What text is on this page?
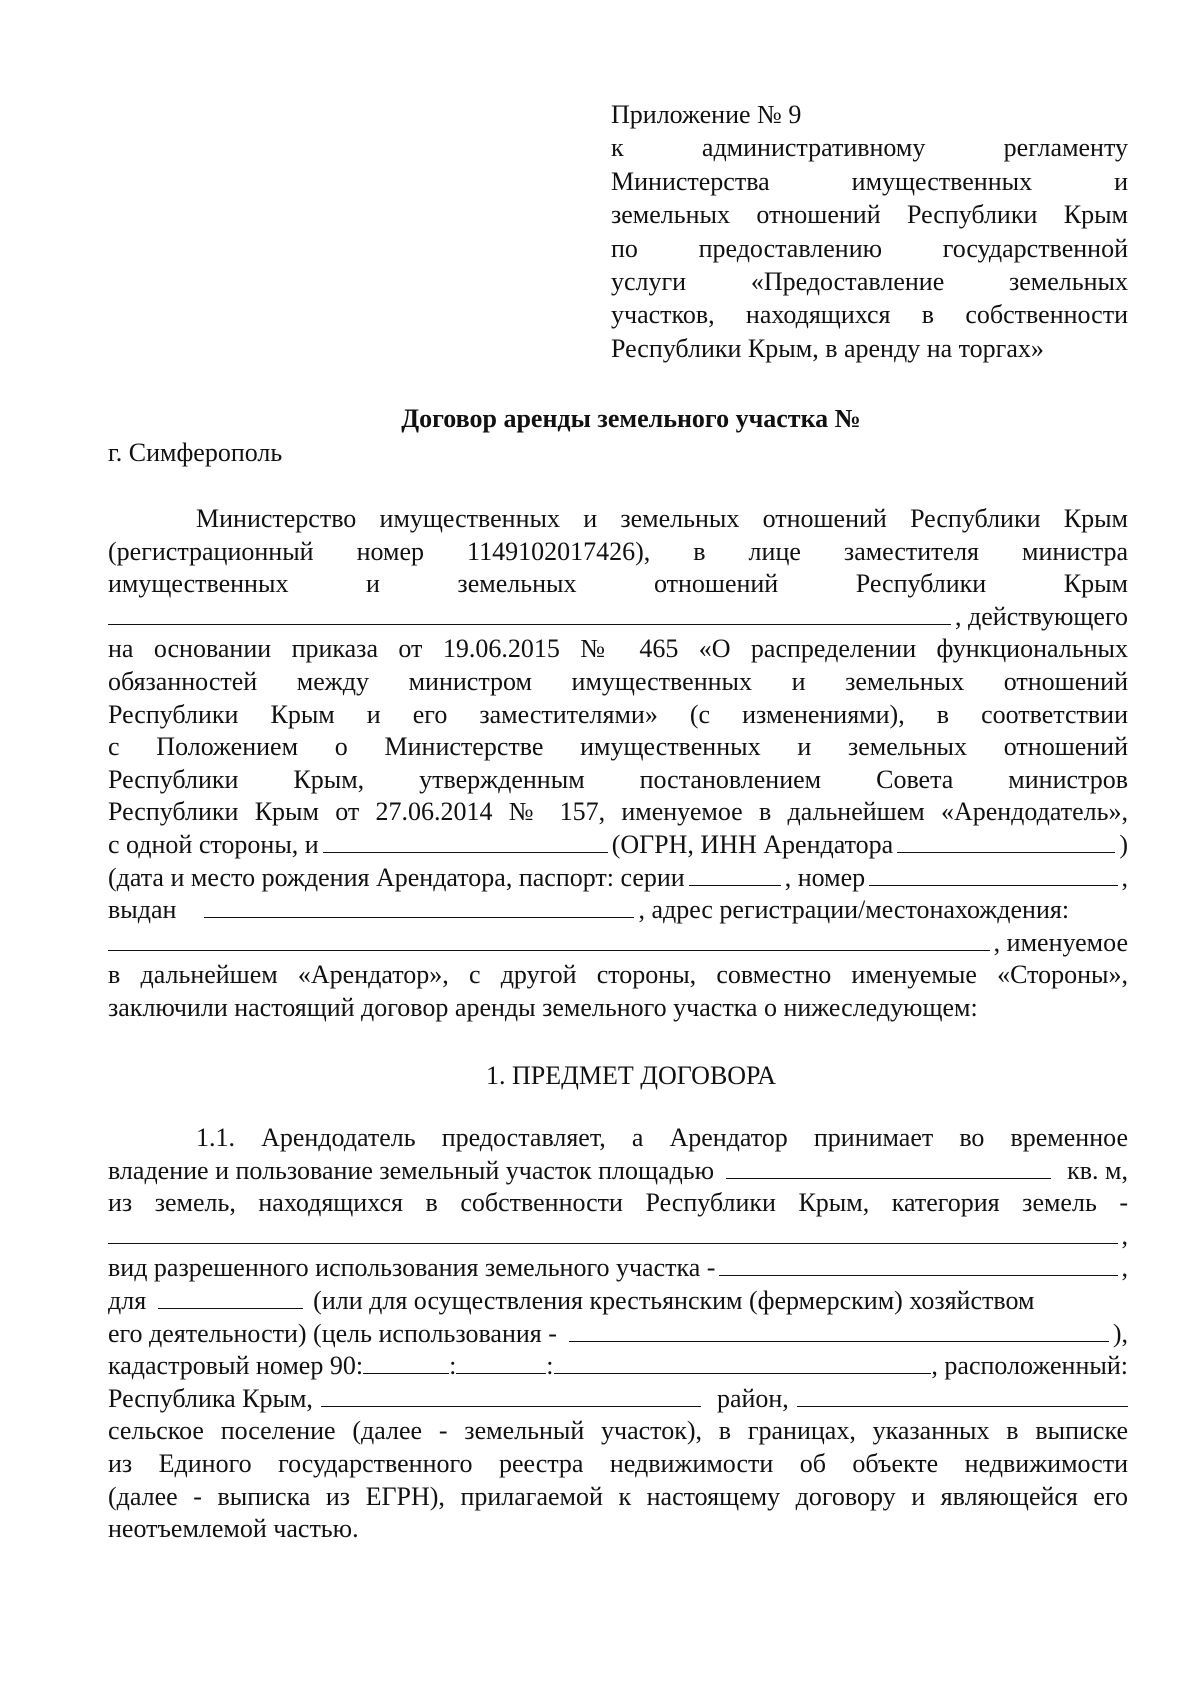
Приложение № 9
к административному регламенту
Министерства имущественных и
земельных отношений Республики Крым
по предоставлению государственной
услуги «Предоставление земельных
участков, находящихся в собственности
Республики Крым, в аренду на торгах»
Договор аренды земельного участка №
г. Симферополь
Министерство имущественных и земельных отношений Республики Крым
(регистрационный номер 1149102017426), в лице заместителя министра
имущественных и земельных отношений Республики Крым
, действующего
на основании приказа от 19.06.2015 № 465 «О распределении функциональных
обязанностей между министром имущественных и земельных отношений
Республики Крым и его заместителями» (с изменениями), в соответствии
с Положением о Министерстве имущественных и земельных отношений
Республики Крым, утвержденным постановлением Совета министров
Республики Крым от 27.06.2014 № 157, именуемое в дальнейшем «Арендодатель»,
с одной стороны, и	(ОГРН, ИНН Арендатора	)
(дата и место рождения Арендатора, паспорт: серии	, номер	,
выдан	, адрес регистрации/местонахождения:
, именуемое
в дальнейшем «Арендатор», с другой стороны, совместно именуемые «Стороны»,
заключили настоящий договор аренды земельного участка о нижеследующем:
1. ПРЕДМЕТ ДОГОВОРА
1.1. Арендодатель предоставляет, а Арендатор принимает во временное
владение и пользование земельный участок площадью	кв. м,
из земель, находящихся в собственности Республики Крым, категория земель -
,
вид разрешенного использования земельного участка -	,
для	(или для осуществления крестьянским (фермерским) хозяйством
его деятельности) (цель использования -	),
кадастровый номер 90:	:	:	, расположенный:
Республика Крым,	район,
сельское поселение (далее - земельный участок), в границах, указанных в выписке
из Единого государственного реестра недвижимости об объекте недвижимости
(далее - выписка из ЕГРН), прилагаемой к настоящему договору и являющейся его
неотъемлемой частью.
